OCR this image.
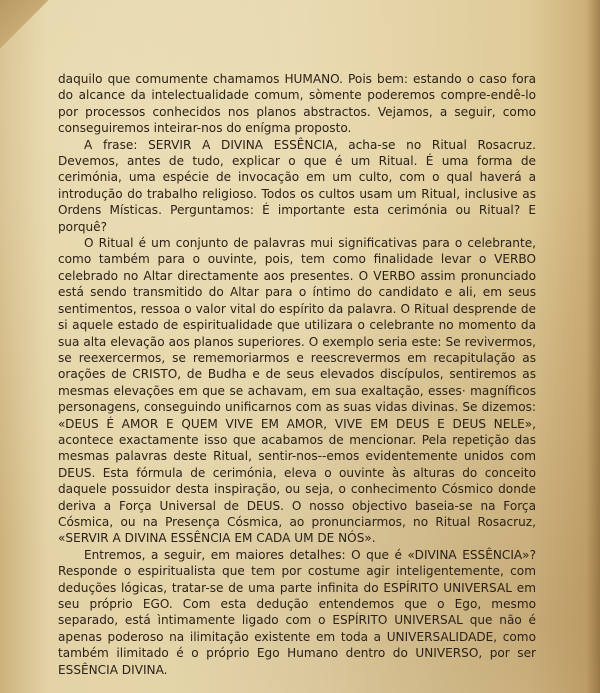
daquilo que comumente chamamos HUMANO. Pois bem: estando o caso fora do alcance da intelectualidade comum, sòmente poderemos compre-endê-lo por processos conhecidos nos planos abstractos. Vejamos, a seguir, como conseguiremos inteirar-nos do enígma proposto.

A frase: SERVIR A DIVINA ESSÊNCIA, acha-se no Ritual Rosacruz. Devemos, antes de tudo, explicar o que é um Ritual. É uma forma de cerimónia, uma espécie de invocação em um culto, com o qual haverá a introdução do trabalho religioso. Todos os cultos usam um Ritual, inclusive as Ordens Místicas. Perguntamos: É importante esta cerimónia ou Ritual? E porquê?

O Ritual é um conjunto de palavras mui significativas para o celebrante, como também para o ouvinte, pois, tem como finalidade levar o VERBO celebrado no Altar directamente aos presentes. O VERBO assim pronunciado está sendo transmitido do Altar para o íntimo do candidato e ali, em seus sentimentos, ressoa o valor vital do espírito da palavra. O Ritual desprende de si aquele estado de espiritualidade que utilizara o celebrante no momento da sua alta elevação aos planos superiores. O exemplo seria este: Se revivermos, se reexercermos, se rememoriarmos e reescrevermos em recapitulação as orações de CRISTO, de Budha e de seus elevados discípulos, sentiremos as mesmas elevações em que se achavam, em sua exaltação, esses· magníficos personagens, conseguindo unificarnos com as suas vidas divinas. Se dizemos: «DEUS É AMOR E QUEM VIVE EM AMOR, VIVE EM DEUS E DEUS NELE», acontece exactamente isso que acabamos de mencionar. Pela repetição das mesmas palavras deste Ritual, sentir-nos--emos evidentemente unidos com DEUS. Esta fórmula de cerimónia, eleva o ouvinte às alturas do conceito daquele possuidor desta inspiração, ou seja, o conhecimento Cósmico donde deriva a Força Universal de DEUS. O nosso objectivo baseia-se na Força Cósmica, ou na Presença Cósmica, ao pronunciarmos, no Ritual Rosacruz, «SERVIR A DIVINA ESSÊNCIA EM CADA UM DE NÓS».

Entremos, a seguir, em maiores detalhes: O que é «DIVINA ESSÊNCIA»? Responde o espiritualista que tem por costume agir inteligentemente, com deduções lógicas, tratar-se de uma parte infinita do ESPÍRITO UNIVERSAL em seu próprio EGO. Com esta dedução entendemos que o Ego, mesmo separado, está ìntimamente ligado com o ESPÍRITO UNIVERSAL que não é apenas poderoso na ilimitação existente em toda a UNIVERSALIDADE, como também ilimitado é o próprio Ego Humano dentro do UNIVERSO, por ser ESSÊNCIA DIVINA.
